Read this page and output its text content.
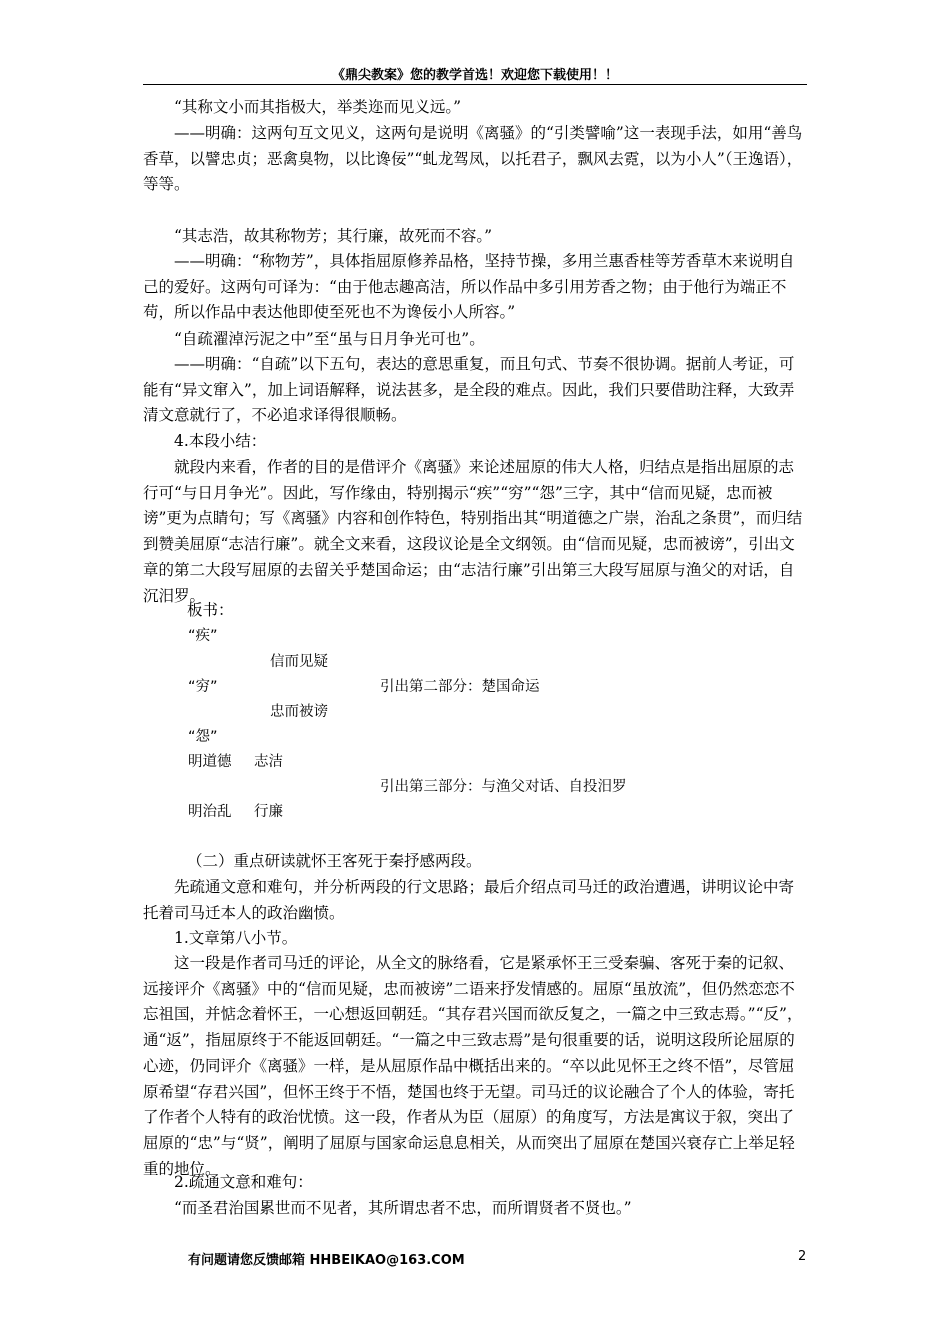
《鼎尖教案》您的教学首选！欢迎您下载使用！！

“其称文小而其指极大，举类迩而见义远。”

——明确：这两句互文见义，这两句是说明《离骚》的“引类譬喻”这一表现手法，如用“善鸟香草，以譬忠贞；恶禽臭物，以比谗佞”“虬龙驾凤，以托君子，飘风去霓，以为小人”（王逸语），等等。

“其志浩，故其称物芳；其行廉，故死而不容。”

——明确：“称物芳”，具体指屈原修养品格，坚持节操，多用兰惠香桂等芳香草木来说明自己的爱好。这两句可译为：“由于他志趣高洁，所以作品中多引用芳香之物；由于他行为端正不苟，所以作品中表达他即使至死也不为谗佞小人所容。”

“自疏濯淖污泥之中”至“虽与日月争光可也”。

——明确：“自疏”以下五句，表达的意思重复，而且句式、节奏不很协调。据前人考证，可能有“异文窜入”，加上词语解释，说法甚多，是全段的难点。因此，我们只要借助注释，大致弄清文意就行了，不必追求译得很顺畅。

4.本段小结：

就段内来看，作者的目的是借评介《离骚》来论述屈原的伟大人格，归结点是指出屈原的志行可“与日月争光”。因此，写作缘由，特别揭示“疾”“穷”“怨”三字，其中“信而见疑，忠而被谤”更为点睛句；写《离骚》内容和创作特色，特别指出其“明道德之广崇，治乱之条贯”，而归结到赞美屈原“志洁行廉”。就全文来看，这段议论是全文纲领。由“信而见疑，忠而被谤”，引出文章的第二大段写屈原的去留关乎楚国命运；由“志洁行廉”引出第三大段写屈原与渔父的对话，自沉汨罗。

板书：

“疾”
信而见疑
“穷”	引出第二部分：楚国命运
忠而被谤
“怨”
明道德 志洁
引出第三部分：与渔父对话、自投汨罗
明治乱 行廉

（二）重点研读就怀王客死于秦抒感两段。

先疏通文意和难句，并分析两段的行文思路；最后介绍点司马迁的政治遭遇，讲明议论中寄托着司马迁本人的政治幽愤。

1.文章第八小节。

这一段是作者司马迁的评论，从全文的脉络看，它是紧承怀王三受秦骗、客死于秦的记叙、远接评介《离骚》中的“信而见疑，忠而被谤”二语来抒发情感的。屈原“虽放流”，但仍然恋恋不忘祖国，并惦念着怀王，一心想返回朝廷。“其存君兴国而欲反复之，一篇之中三致志焉。”“反”，通“返”，指屈原终于不能返回朝廷。“一篇之中三致志焉”是句很重要的话，说明这段所论屈原的心迹，仍同评介《离骚》一样，是从屈原作品中概括出来的。“卒以此见怀王之终不悟”，尽管屈原希望“存君兴国”，但怀王终于不悟，楚国也终于无望。司马迁的议论融合了个人的体验，寄托了作者个人特有的政治忧愤。这一段，作者从为臣（屈原）的角度写，方法是寓议于叙，突出了屈原的“忠”与“贤”，阐明了屈原与国家命运息息相关，从而突出了屈原在楚国兴衰存亡上举足轻重的地位。

2.疏通文意和难句：

“而圣君治国累世而不见者，其所谓忠者不忠，而所谓贤者不贤也。”

有问题请您反馈邮箱 HHBEIKAO@163.COM	2
